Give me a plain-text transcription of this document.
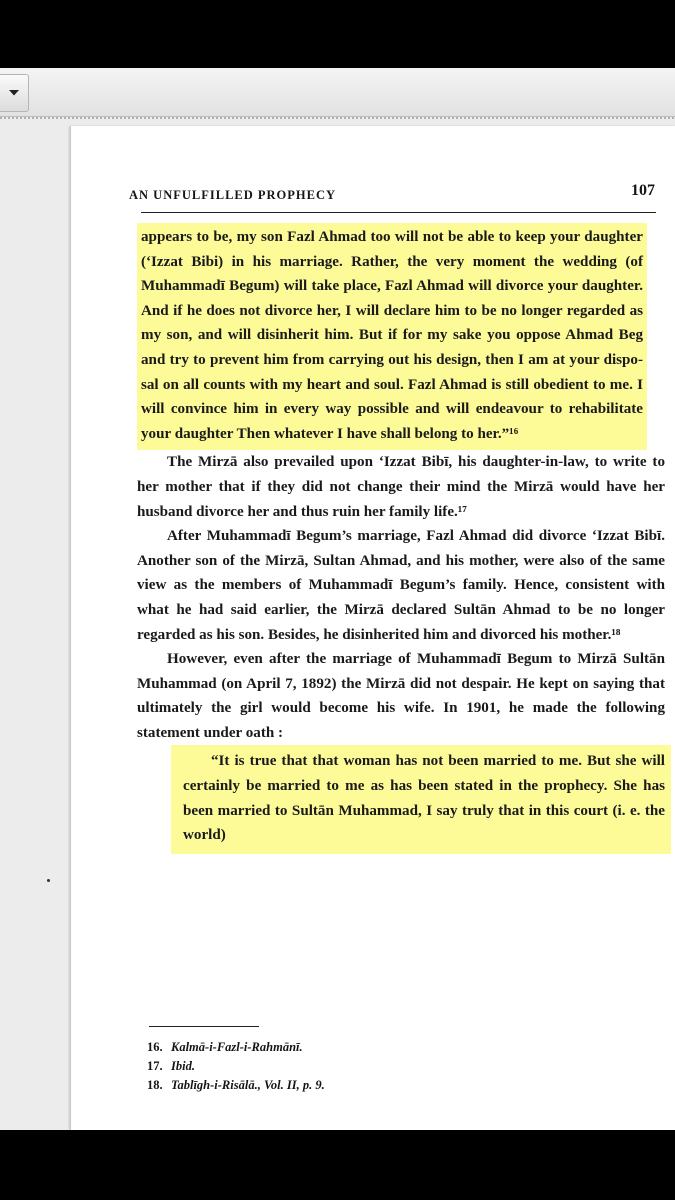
AN UNFULFILLED PROPHECY	107

appears to be, my son Fazl Ahmad too will not be able to keep your daughter (‘Izzat Bibi) in his marriage. Rather, the very moment the wedding (of Muhammadī Begum) will take place, Fazl Ahmad will divorce your daughter. And if he does not divorce her, I will declare him to be no longer regarded as my son, and will disinherit him. But if for my sake you oppose Ahmad Beg and try to prevent him from carrying out his design, then I am at your dispo-sal on all counts with my heart and soul. Fazl Ahmad is still obedient to me. I will convince him in every way possible and will endeavour to rehabilitate your daughter Then whatever I have shall belong to her.”¹⁶

The Mirzā also prevailed upon ‘Izzat Bibī, his daughter-in-law, to write to her mother that if they did not change their mind the Mirzā would have her husband divorce her and thus ruin her family life.¹⁷

After Muhammadī Begum’s marriage, Fazl Ahmad did divorce ‘Izzat Bibī. Another son of the Mirzā, Sultan Ahmad, and his mother, were also of the same view as the members of Muhammadī Begum’s family. Hence, consistent with what he had said earlier, the Mirzā declared Sultān Ahmad to be no longer regarded as his son. Besides, he disinherited him and divorced his mother.¹⁸

However, even after the marriage of Muhammadī Begum to Mirzā Sultān Muhammad (on April 7, 1892) the Mirzā did not despair. He kept on saying that ultimately the girl would become his wife. In 1901, he made the following statement under oath :

“It is true that that woman has not been married to me. But she will certainly be married to me as has been stated in the prophecy. She has been married to Sultān Muhammad, I say truly that in this court (i. e. the world)

16. Kalmā-i-Fazl-i-Rahmānī.
17. Ibid.
18. Tablīgh-i-Risālā., Vol. II, p. 9.
